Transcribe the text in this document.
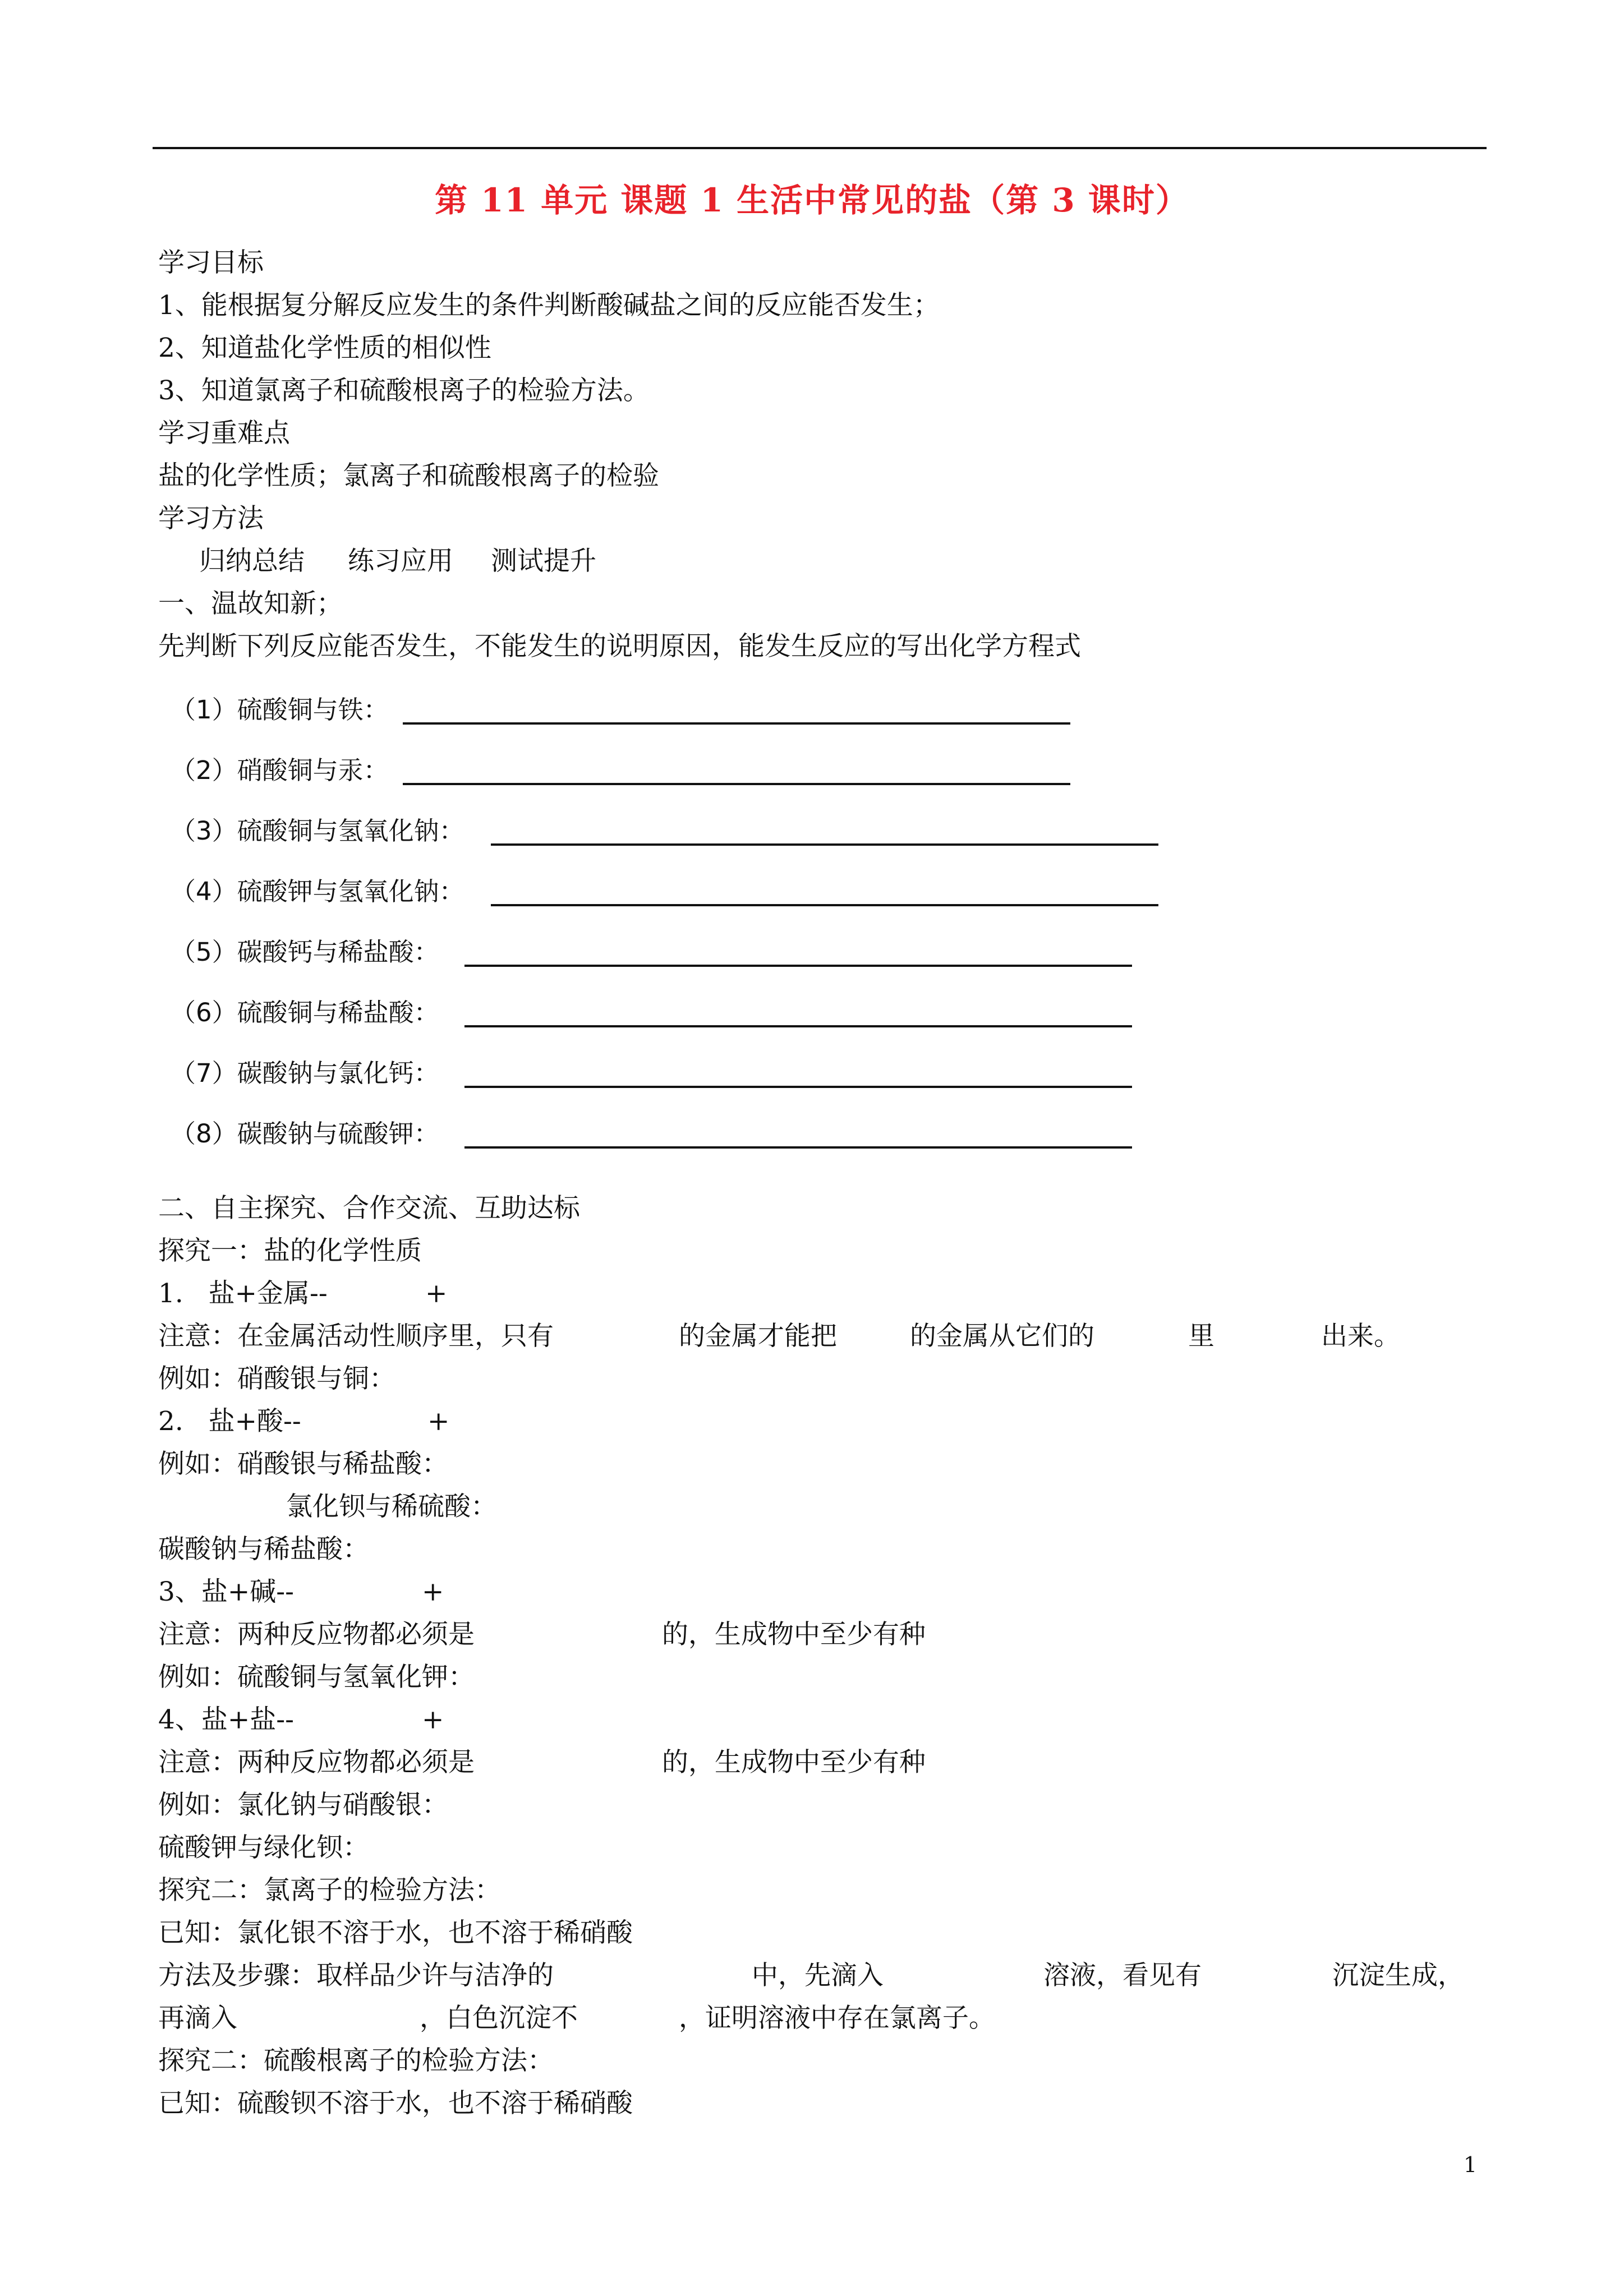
第 11 单元 课题 1 生活中常见的盐（第 3 课时）
学习目标
1、能根据复分解反应发生的条件判断酸碱盐之间的反应能否发生；
2、知道盐化学性质的相似性
3、知道氯离子和硫酸根离子的检验方法。
学习重难点
盐的化学性质；氯离子和硫酸根离子的检验
学习方法
归纳总结 练习应用 测试提升
一、温故知新；
先判断下列反应能否发生，不能发生的说明原因，能发生反应的写出化学方程式
（1）硫酸铜与铁：
（2）硝酸铜与汞：
（3）硫酸铜与氢氧化钠：
（4）硫酸钾与氢氧化钠：
（5）碳酸钙与稀盐酸：
（6）硫酸铜与稀盐酸：
（7）碳酸钠与氯化钙：
（8）碳酸钠与硫酸钾：
二、自主探究、合作交流、互助达标
探究一：盐的化学性质
1.   盐+金属--	+
注意：在金属活动性顺序里，只有	的金属才能把	的金属从它们的	里	出来。
例如：硝酸银与铜：
2.   盐+酸--	+
例如：硝酸银与稀盐酸：
氯化钡与稀硫酸：
碳酸钠与稀盐酸：
3、盐+碱--	+
注意：两种反应物都必须是	的，生成物中至少有种
例如：硫酸铜与氢氧化钾：
4、盐+盐--	+
注意：两种反应物都必须是	的，生成物中至少有种
例如：氯化钠与硝酸银：
硫酸钾与绿化钡：
探究二：氯离子的检验方法：
已知：氯化银不溶于水，也不溶于稀硝酸
方法及步骤：取样品少许与洁净的	中，先滴入	溶液，看见有	沉淀生成，
再滴入	，白色沉淀不	，证明溶液中存在氯离子。
探究二：硫酸根离子的检验方法：
已知：硫酸钡不溶于水，也不溶于稀硝酸
1
